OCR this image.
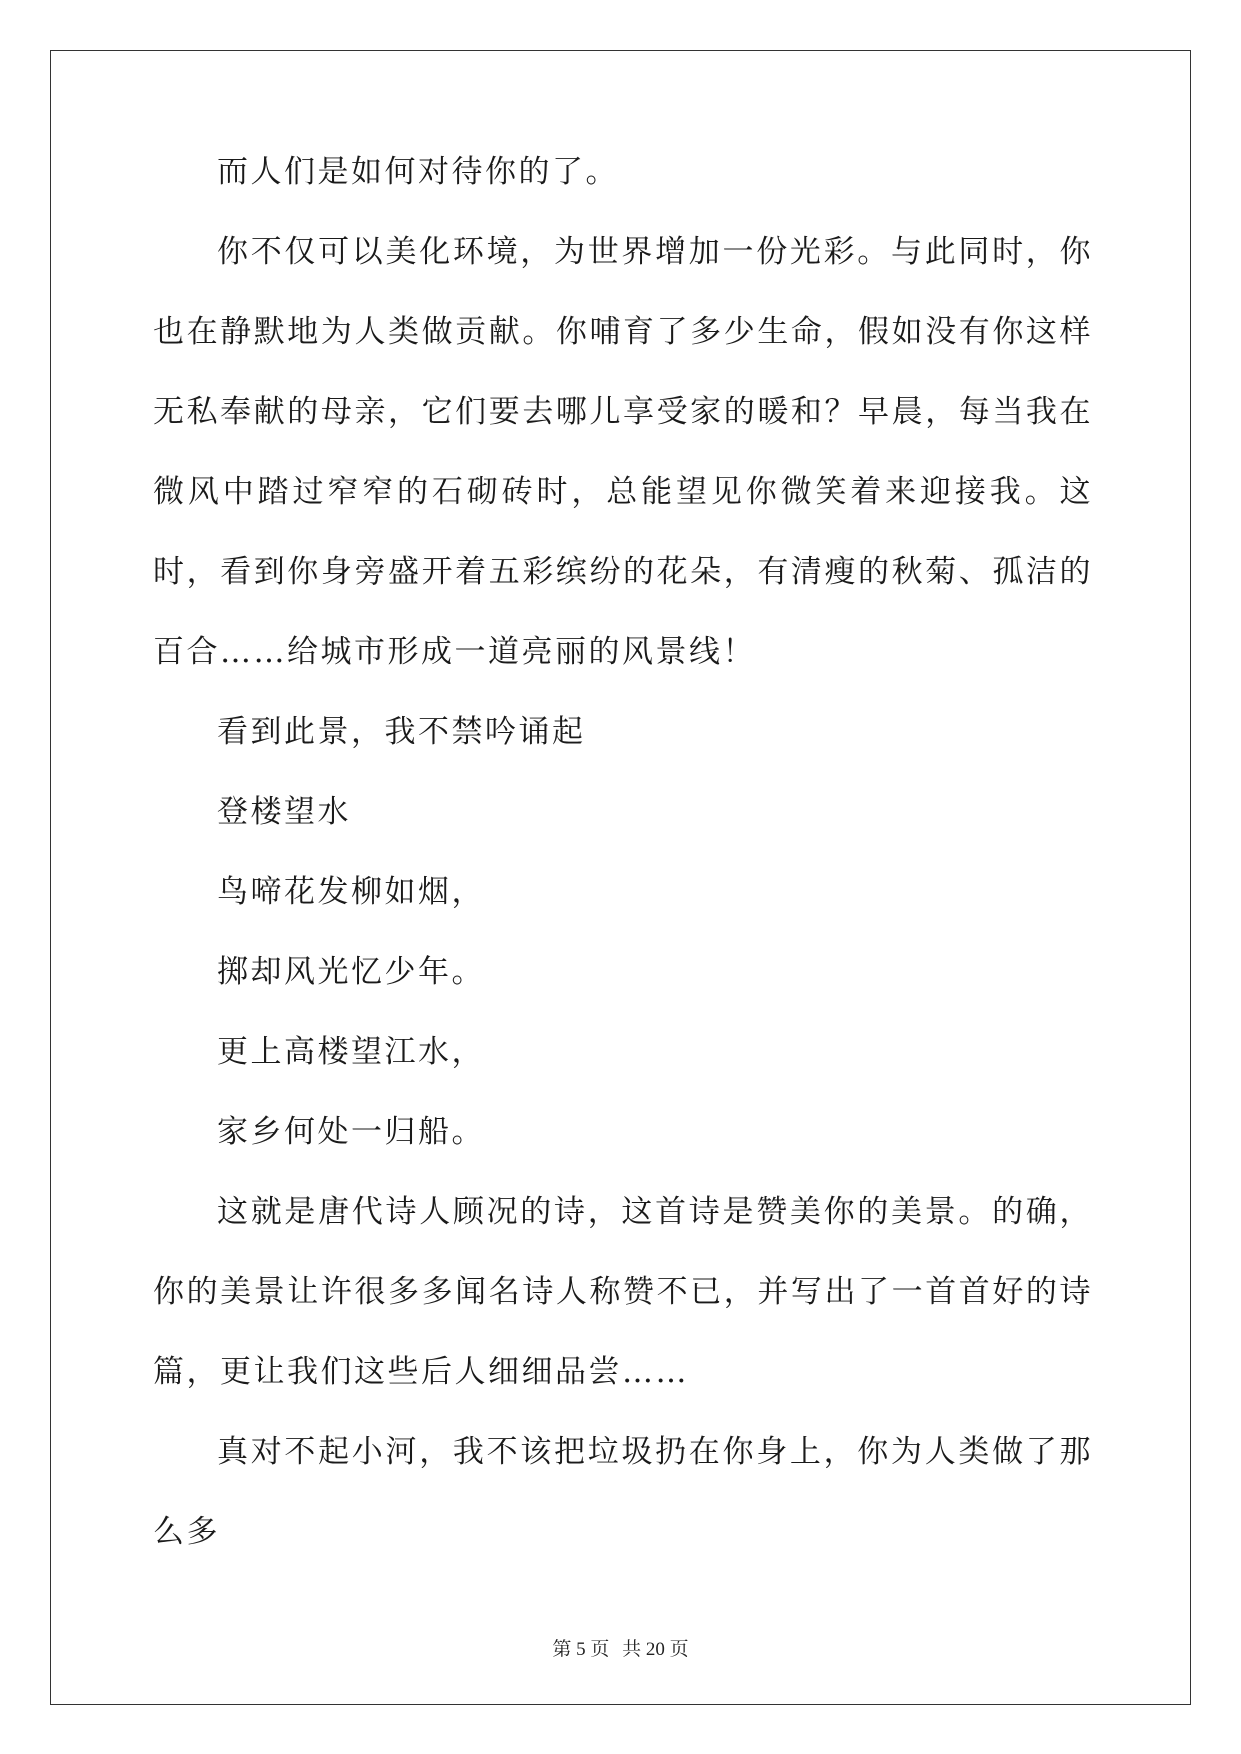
而人们是如何对待你的了。

你不仅可以美化环境，为世界增加一份光彩。与此同时，你也在静默地为人类做贡献。你哺育了多少生命，假如没有你这样无私奉献的母亲，它们要去哪儿享受家的暖和？早晨，每当我在微风中踏过窄窄的石砌砖时，总能望见你微笑着来迎接我。这时，看到你身旁盛开着五彩缤纷的花朵，有清瘦的秋菊、孤洁的百合……给城市形成一道亮丽的风景线！

看到此景，我不禁吟诵起

登楼望水

鸟啼花发柳如烟，

掷却风光忆少年。

更上高楼望江水，

家乡何处一归船。

这就是唐代诗人顾况的诗，这首诗是赞美你的美景。的确，你的美景让许很多多闻名诗人称赞不已，并写出了一首首好的诗篇，更让我们这些后人细细品尝……

真对不起小河，我不该把垃圾扔在你身上，你为人类做了那么多

第 5 页 共 20 页
